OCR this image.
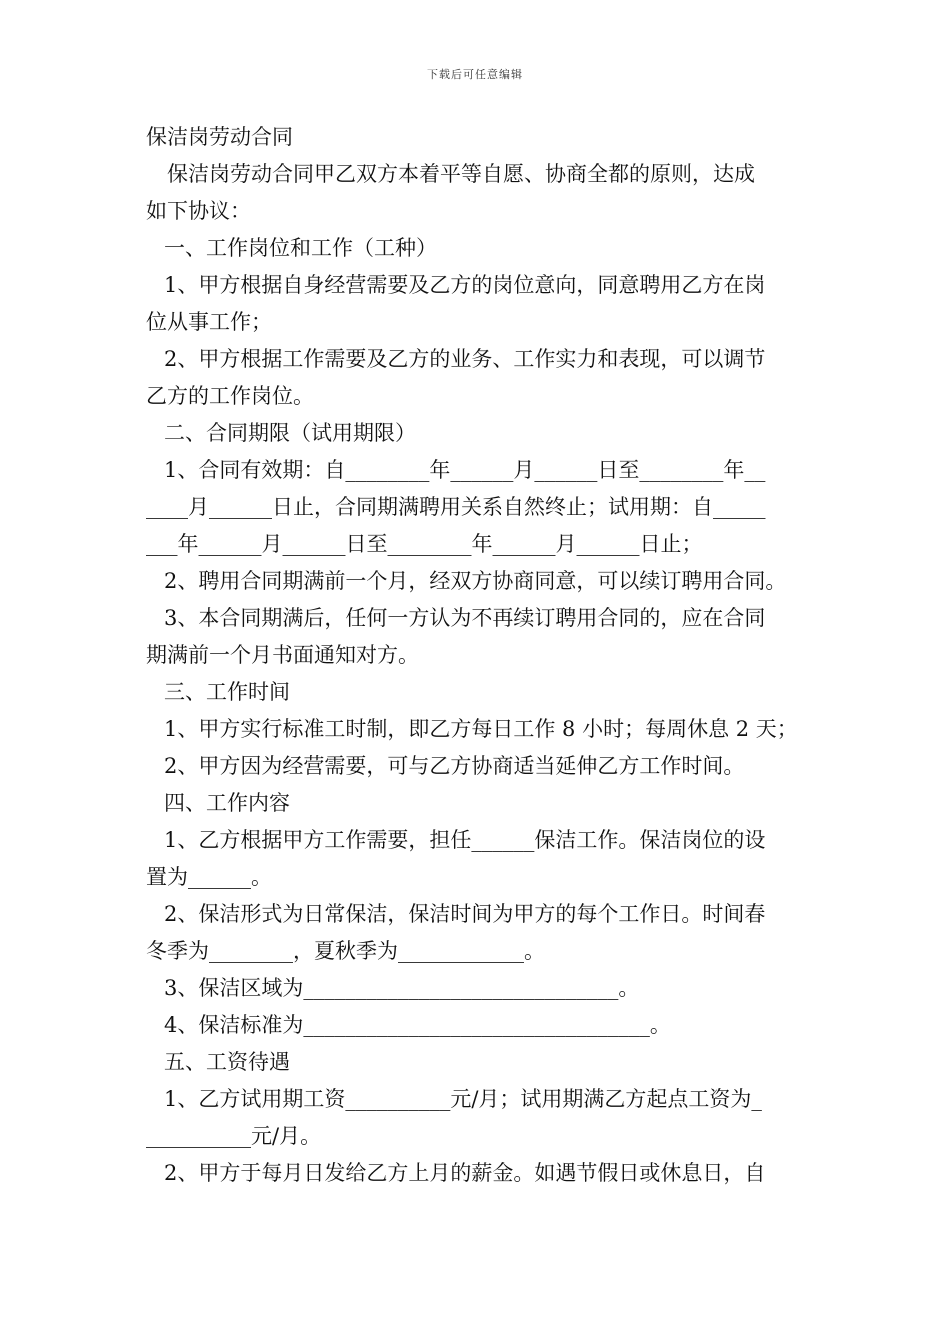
下载后可任意编辑
保洁岗劳动合同
保洁岗劳动合同甲乙双方本着平等自愿、协商全都的原则，达成
如下协议：
一、工作岗位和工作（工种）
1、甲方根据自身经营需要及乙方的岗位意向，同意聘用乙方在岗
位从事工作；
2、甲方根据工作需要及乙方的业务、工作实力和表现，可以调节
乙方的工作岗位。
二、合同期限（试用期限）
1、合同有效期：自________年______月______日至________年__
____月______日止，合同期满聘用关系自然终止；试用期：自_____
___年______月______日至________年______月______日止；
2、聘用合同期满前一个月，经双方协商同意，可以续订聘用合同。
3、本合同期满后，任何一方认为不再续订聘用合同的，应在合同
期满前一个月书面通知对方。
三、工作时间
1、甲方实行标准工时制，即乙方每日工作 8 小时；每周休息 2 天；
2、甲方因为经营需要，可与乙方协商适当延伸乙方工作时间。
四、工作内容
1、乙方根据甲方工作需要，担任______保洁工作。保洁岗位的设
置为______。
2、保洁形式为日常保洁，保洁时间为甲方的每个工作日。时间春
冬季为________，夏秋季为____________。
3、保洁区域为______________________________。
4、保洁标准为_________________________________。
五、工资待遇
1、乙方试用期工资__________元/月；试用期满乙方起点工资为_
__________元/月。
2、甲方于每月日发给乙方上月的薪金。如遇节假日或休息日，自
